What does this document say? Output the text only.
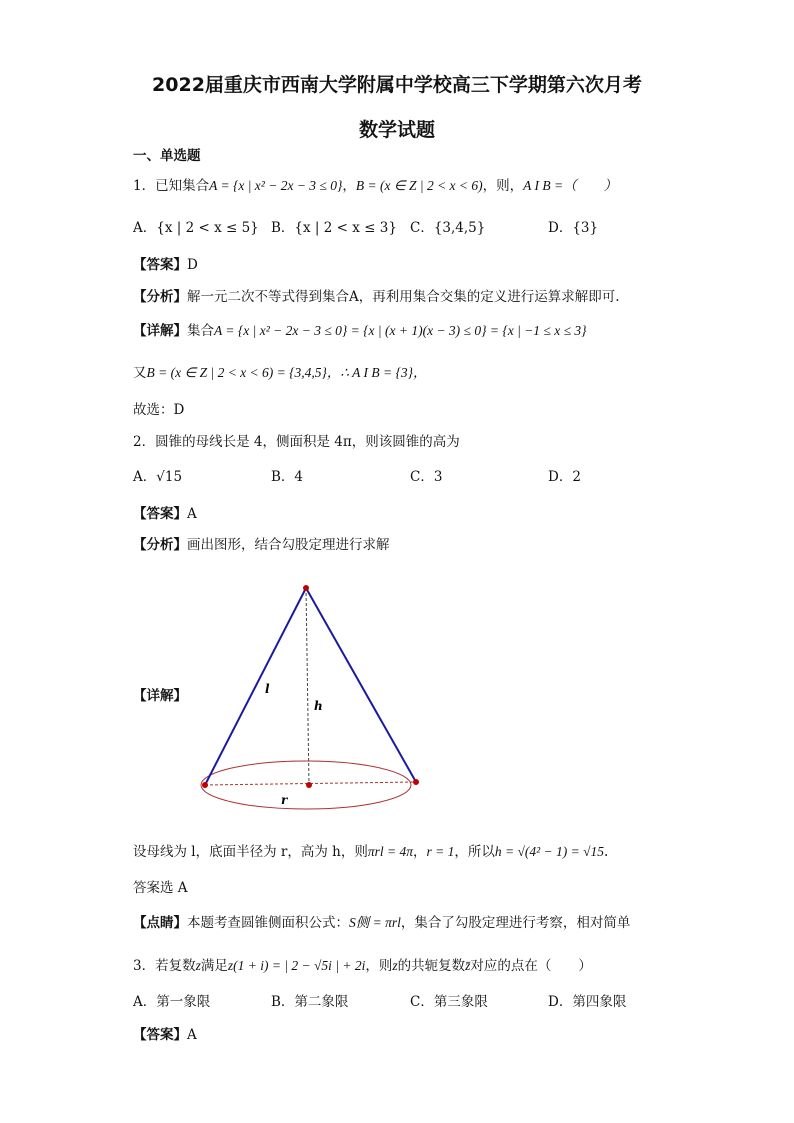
2022届重庆市西南大学附属中学校高三下学期第六次月考
数学试题
一、单选题
1．已知集合A = {x | x² − 2x − 3 ≤ 0}，B = (x ∈ Z | 2 < x < 6)，则，A I B =（　　）
A．{x | 2 < x ≤ 5} B．{x | 2 < x ≤ 3} C．{3,4,5}	D．{3}
【答案】D
【分析】解一元二次不等式得到集合A，再利用集合交集的定义进行运算求解即可.
【详解】集合A = {x | x² − 2x − 3 ≤ 0} = {x | (x + 1)(x − 3) ≤ 0} = {x | −1 ≤ x ≤ 3}
又B = (x ∈ Z | 2 < x < 6) = {3,4,5}，∴ A I B = {3}，
故选：D
2．圆锥的母线长是 4，侧面积是 4π，则该圆锥的高为
A．√15	B．4	C．3	D．2
【答案】A
【分析】画出图形，结合勾股定理进行求解
【详解】	l
h
r
设母线为 l，底面半径为 r，高为 h，则πrl = 4π，r = 1，所以h = √(4² − 1) = √15.
答案选 A
【点睛】本题考查圆锥侧面积公式：S侧 = πrl，集合了勾股定理进行考察，相对简单
3．若复数z满足z(1 + i) = | 2 − √5i | + 2i，则z的共轭复数z̄对应的点在（　　）
A．第一象限	B．第二象限	C．第三象限	D．第四象限
【答案】A
